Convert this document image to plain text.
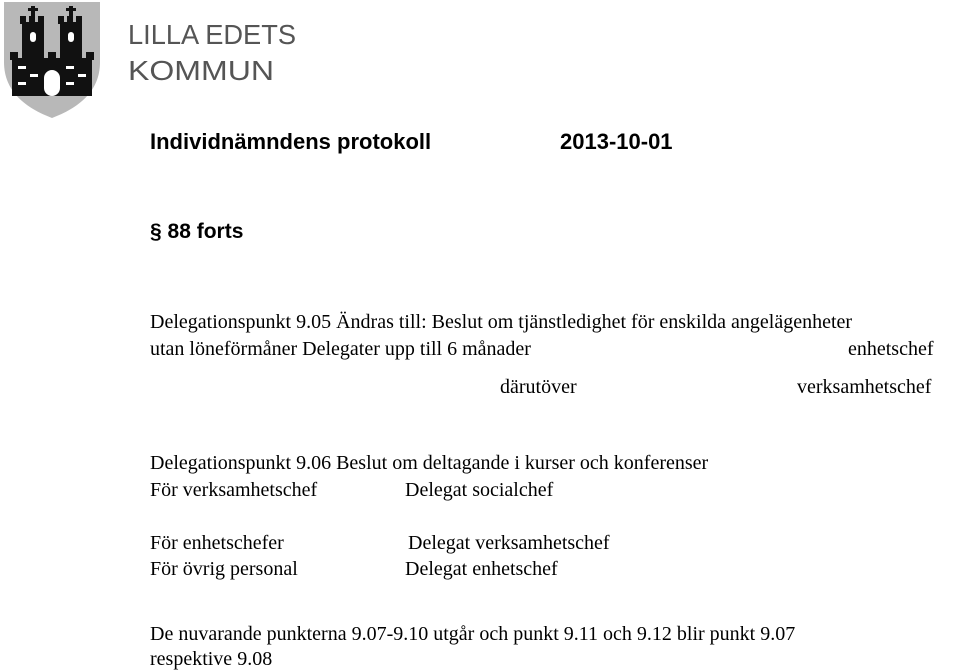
LILLA EDETS
KOMMUN
Individnämndens protokoll	2013-10-01
§ 88 forts
Delegationspunkt 9.05 Ändras till: Beslut om tjänstledighet för enskilda angelägenheter
utan löneförmåner Delegater upp till 6 månader	enhetschef
därutöver	verksamhetschef
Delegationspunkt 9.06 Beslut om deltagande i kurser och konferenser
För verksamhetschef	Delegat socialchef
För enhetschefer	Delegat verksamhetschef
För övrig personal	Delegat enhetschef
De nuvarande punkterna 9.07-9.10 utgår och punkt 9.11 och 9.12 blir punkt 9.07
respektive 9.08
